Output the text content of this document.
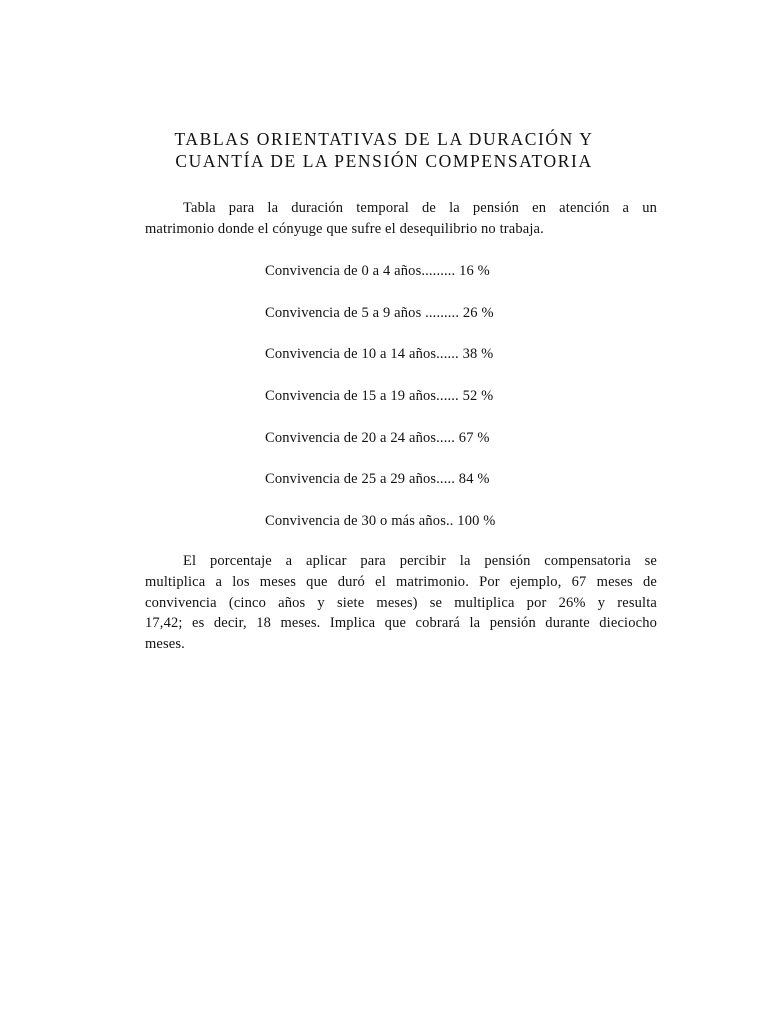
TABLAS ORIENTATIVAS DE LA DURACIÓN Y
CUANTÍA DE LA PENSIÓN COMPENSATORIA
Tabla para la duración temporal de la pensión en atención a un
matrimonio donde el cónyuge que sufre el desequilibrio no trabaja.
Convivencia de 0 a 4 años......... 16 %
Convivencia de 5 a 9 años ......... 26 %
Convivencia de 10 a 14 años...... 38 %
Convivencia de 15 a 19 años...... 52 %
Convivencia de 20 a 24 años..... 67 %
Convivencia de 25 a 29 años..... 84 %
Convivencia de 30 o más años.. 100 %
El porcentaje a aplicar para percibir la pensión compensatoria se
multiplica a los meses que duró el matrimonio. Por ejemplo, 67 meses de
convivencia (cinco años y siete meses) se multiplica por 26% y resulta
17,42; es decir, 18 meses. Implica que cobrará la pensión durante dieciocho
meses.
